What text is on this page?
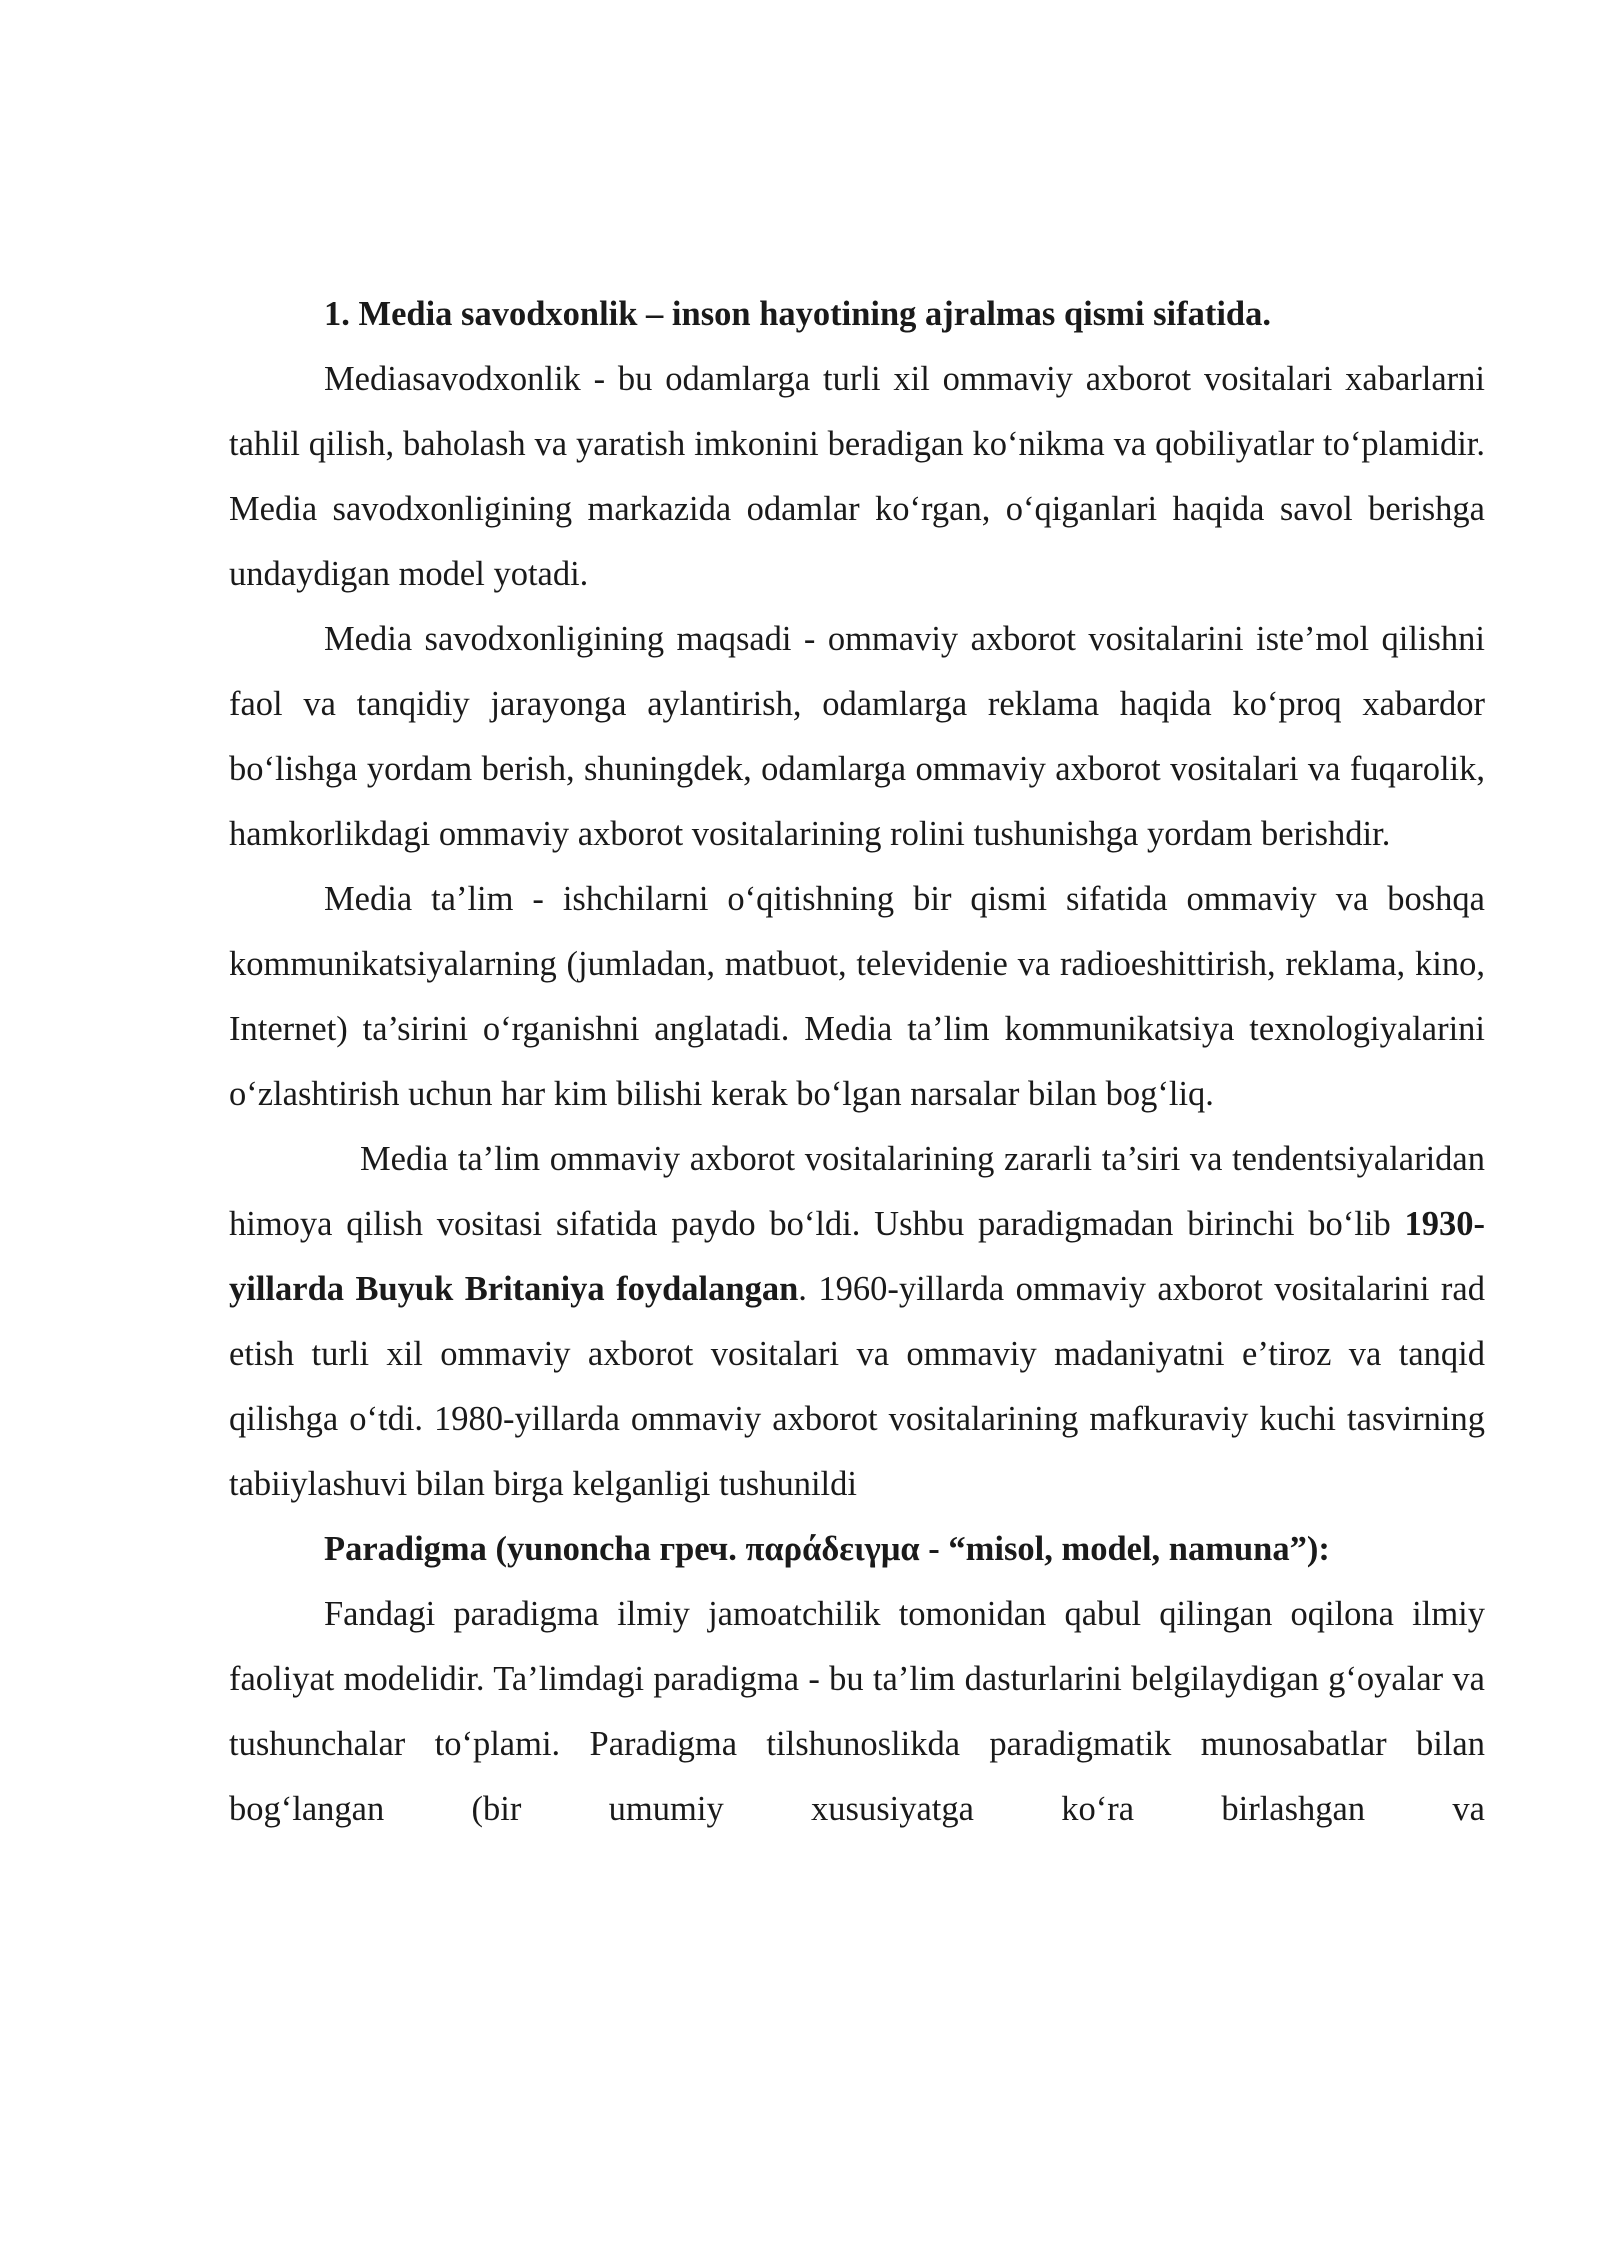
1. Media savodxonlik – inson hayotining ajralmas qismi sifatida.

Mediasavodxonlik - bu odamlarga turli xil ommaviy axborot vositalari xabarlarni tahlil qilish, baholash va yaratish imkonini beradigan ko‘nikma va qobiliyatlar to‘plamidir. Media savodxonligining markazida odamlar ko‘rgan, o‘qiganlari haqida savol berishga undaydigan model yotadi.

Media savodxonligining maqsadi - ommaviy axborot vositalarini iste’mol qilishni faol va tanqidiy jarayonga aylantirish, odamlarga reklama haqida ko‘proq xabardor bo‘lishga yordam berish, shuningdek, odamlarga ommaviy axborot vositalari va fuqarolik, hamkorlikdagi ommaviy axborot vositalarining rolini tushunishga yordam berishdir.

Media ta’lim - ishchilarni o‘qitishning bir qismi sifatida ommaviy va boshqa kommunikatsiyalarning (jumladan, matbuot, televidenie va radioeshittirish, reklama, kino, Internet) ta’sirini o‘rganishni anglatadi. Media ta’lim kommunikatsiya texnologiyalarini o‘zlashtirish uchun har kim bilishi kerak bo‘lgan narsalar bilan bog‘liq.

Media ta’lim ommaviy axborot vositalarining zararli ta’siri va tendentsiyalaridan himoya qilish vositasi sifatida paydo bo‘ldi. Ushbu paradigmadan birinchi bo‘lib 1930-yillarda Buyuk Britaniya foydalangan. 1960-yillarda ommaviy axborot vositalarini rad etish turli xil ommaviy axborot vositalari va ommaviy madaniyatni e’tiroz va tanqid qilishga o‘tdi. 1980-yillarda ommaviy axborot vositalarining mafkuraviy kuchi tasvirning tabiiylashuvi bilan birga kelganligi tushunildi

Paradigma (yunoncha греч. παράδειγμα - “misol, model, namuna”):

Fandagi paradigma ilmiy jamoatchilik tomonidan qabul qilingan oqilona ilmiy faoliyat modelidir. Ta’limdagi paradigma - bu ta’lim dasturlarini belgilaydigan g‘oyalar va tushunchalar to‘plami. Paradigma tilshunoslikda paradigmatik munosabatlar bilan bog‘langan (bir umumiy xususiyatga ko‘ra birlashgan va
